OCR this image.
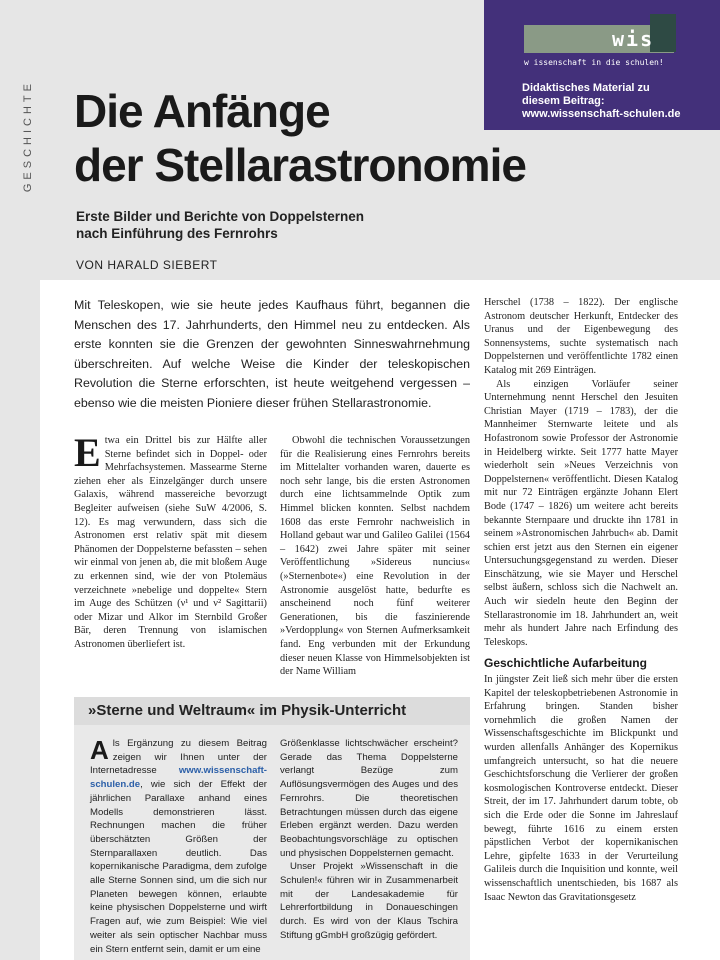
GESCHICHTE
wis
w issenschaft in die schulen!
Didaktisches Material zu
diesem Beitrag:
www.wissenschaft-schulen.de
Die Anfänge
der Stellarastronomie
Erste Bilder und Berichte von Doppelsternen
nach Einführung des Fernrohrs
VON HARALD SIEBERT

Mit Teleskopen, wie sie heute jedes Kaufhaus führt, begannen die Menschen des 17. Jahrhunderts, den Himmel neu zu entdecken. Als erste konnten sie die Grenzen der gewohnten Sinneswahrnehmung überschreiten. Auf welche Weise die Kinder der teleskopischen Revolution die Sterne erforschten, ist heute weitgehend vergessen – ebenso wie die meisten Pioniere dieser frühen Stellarastronomie.

Etwa ein Drittel bis zur Hälfte aller Sterne befindet sich in Doppel- oder Mehrfachsystemen. Massearme Sterne ziehen eher als Einzelgänger durch unsere Galaxis, während massereiche bevorzugt Begleiter aufweisen (siehe SuW 4/2006, S. 12). Es mag verwundern, dass sich die Astronomen erst relativ spät mit diesem Phänomen der Doppelsterne befassten – sehen wir einmal von jenen ab, die mit bloßem Auge zu erkennen sind, wie der von Ptolemäus verzeichnete »nebelige und doppelte« Stern im Auge des Schützen (ν¹ und ν² Sagittarii) oder Mizar und Alkor im Sternbild Großer Bär, deren Trennung von islamischen Astronomen überliefert ist.

Obwohl die technischen Voraussetzungen für die Realisierung eines Fernrohrs bereits im Mittelalter vorhanden waren, dauerte es noch sehr lange, bis die ersten Astronomen durch eine lichtsammelnde Optik zum Himmel blicken konnten. Selbst nachdem 1608 das erste Fernrohr nachweislich in Holland gebaut war und Galileo Galilei (1564 – 1642) zwei Jahre später mit seiner Veröffentlichung »Sidereus nuncius« (»Sternenbote«) eine Revolution in der Astronomie ausgelöst hatte, bedurfte es anscheinend noch fünf weiterer Generationen, bis die faszinierende »Verdopplung« von Sternen Aufmerksamkeit fand. Eng verbunden mit der Erkundung dieser neuen Klasse von Himmelsobjekten ist der Name William

Herschel (1738 – 1822). Der englische Astronom deutscher Herkunft, Entdecker des Uranus und der Eigenbewegung des Sonnensystems, suchte systematisch nach Doppelsternen und veröffentlichte 1782 einen Katalog mit 269 Einträgen.

Als einzigen Vorläufer seiner Unternehmung nennt Herschel den Jesuiten Christian Mayer (1719 – 1783), der die Mannheimer Sternwarte leitete und als Hofastronom sowie Professor der Astronomie in Heidelberg wirkte. Seit 1777 hatte Mayer wiederholt sein »Neues Verzeichnis von Doppelsternen« veröffentlicht. Diesen Katalog mit nur 72 Einträgen ergänzte Johann Elert Bode (1747 – 1826) um weitere acht bereits bekannte Sternpaare und druckte ihn 1781 in seinem »Astronomischen Jahrbuch« ab. Damit schien erst jetzt aus den Sternen ein eigener Untersuchungsgegenstand zu werden. Dieser Einschätzung, wie sie Mayer und Herschel selbst äußern, schloss sich die Nachwelt an. Auch wir siedeln heute den Beginn der Stellarastronomie im 18. Jahrhundert an, weit mehr als hundert Jahre nach Erfindung des Teleskops.

Geschichtliche Aufarbeitung

In jüngster Zeit ließ sich mehr über die ersten Kapitel der teleskopbetriebenen Astronomie in Erfahrung bringen. Standen bisher vornehmlich die großen Namen der Wissenschaftsgeschichte im Blickpunkt und wurden allenfalls Anhänger des Kopernikus umfangreich untersucht, so hat die neuere Geschichtsforschung die Verlierer der großen kosmologischen Kontroverse entdeckt. Dieser Streit, der im 17. Jahrhundert darum tobte, ob sich die Erde oder die Sonne im Jahreslauf bewegt, führte 1616 zu einem ersten päpstlichen Verbot der kopernikanischen Lehre, gipfelte 1633 in der Verurteilung Galileis durch die Inquisition und konnte, weil wissenschaftlich unentschieden, bis 1687 als Isaac Newton das Gravitationsgesetz

»Sterne und Weltraum« im Physik-Unterricht

Als Ergänzung zu diesem Beitrag zeigen wir Ihnen unter der Internetadresse www.wissenschaft-schulen.de, wie sich der Effekt der jährlichen Parallaxe anhand eines Modells demonstrieren lässt. Rechnungen machen die früher überschätzten Größen der Sternparallaxen deutlich. Das kopernikanische Paradigma, dem zufolge alle Sterne Sonnen sind, um die sich nur Planeten bewegen können, erlaubte keine physischen Doppelsterne und wirft Fragen auf, wie zum Beispiel: Wie viel weiter als sein optischer Nachbar muss ein Stern entfernt sein, damit er um eine

Größenklasse lichtschwächer erscheint? Gerade das Thema Doppelsterne verlangt Bezüge zum Auflösungsvermögen des Auges und des Fernrohrs. Die theoretischen Betrachtungen müssen durch das eigene Erleben ergänzt werden. Dazu werden Beobachtungsvorschläge zu optischen und physischen Doppelsternen gemacht.

Unser Projekt »Wissenschaft in die Schulen!« führen wir in Zusammenarbeit mit der Landesakademie für Lehrerfortbildung in Donaueschingen durch. Es wird von der Klaus Tschira Stiftung gGmbH großzügig gefördert.
